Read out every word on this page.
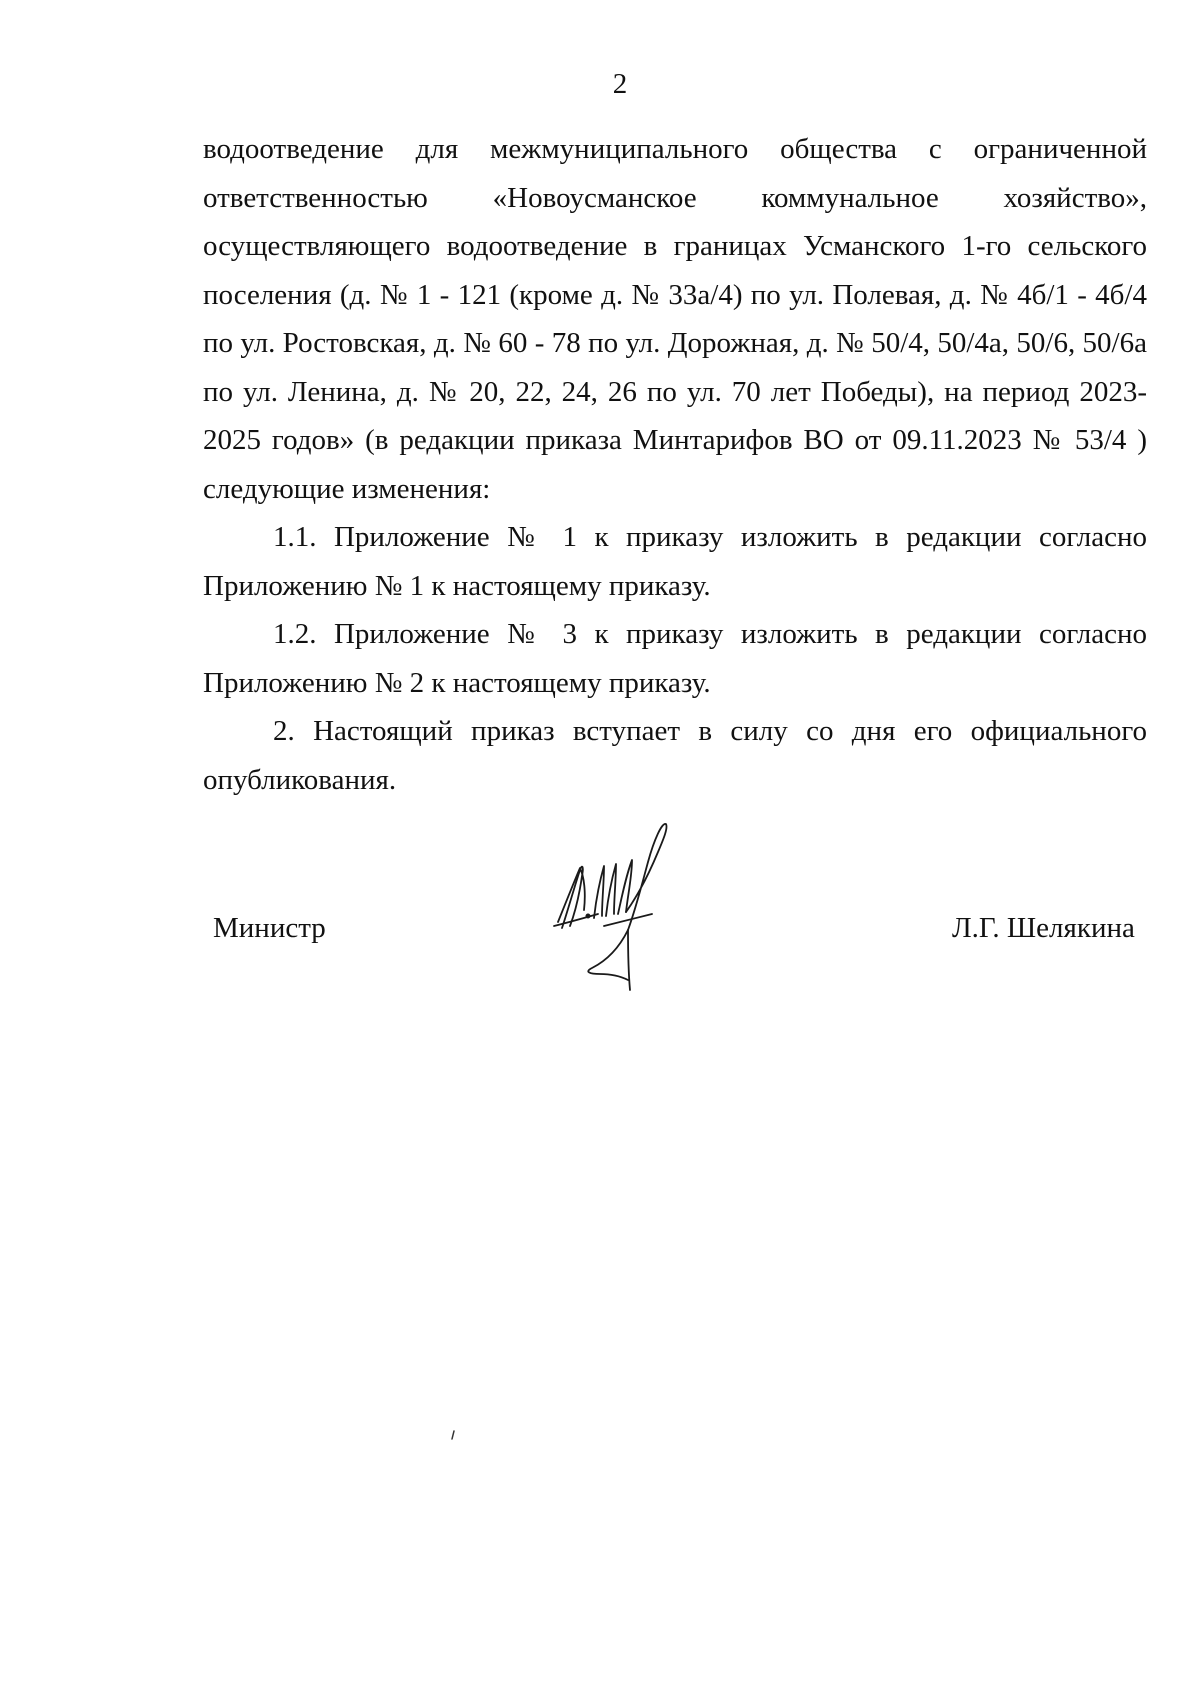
2

водоотведение для межмуниципального общества с ограниченной ответственностью «Новоусманское коммунальное хозяйство», осуществляющего водоотведение в границах Усманского 1-го сельского поселения (д. № 1 - 121 (кроме д. № 33а/4) по ул. Полевая, д. № 4б/1 - 4б/4 по ул. Ростовская, д. № 60 - 78 по ул. Дорожная, д. № 50/4, 50/4а, 50/6, 50/6а по ул. Ленина, д. № 20, 22, 24, 26 по ул. 70 лет Победы), на период 2023-2025 годов» (в редакции приказа Минтарифов ВО от 09.11.2023 № 53/4 ) следующие изменения:

1.1. Приложение № 1 к приказу изложить в редакции согласно Приложению № 1 к настоящему приказу.

1.2. Приложение № 3 к приказу изложить в редакции согласно Приложению № 2 к настоящему приказу.

2. Настоящий приказ вступает в силу со дня его официального опубликования.

Министр	Л.Г. Шелякина
